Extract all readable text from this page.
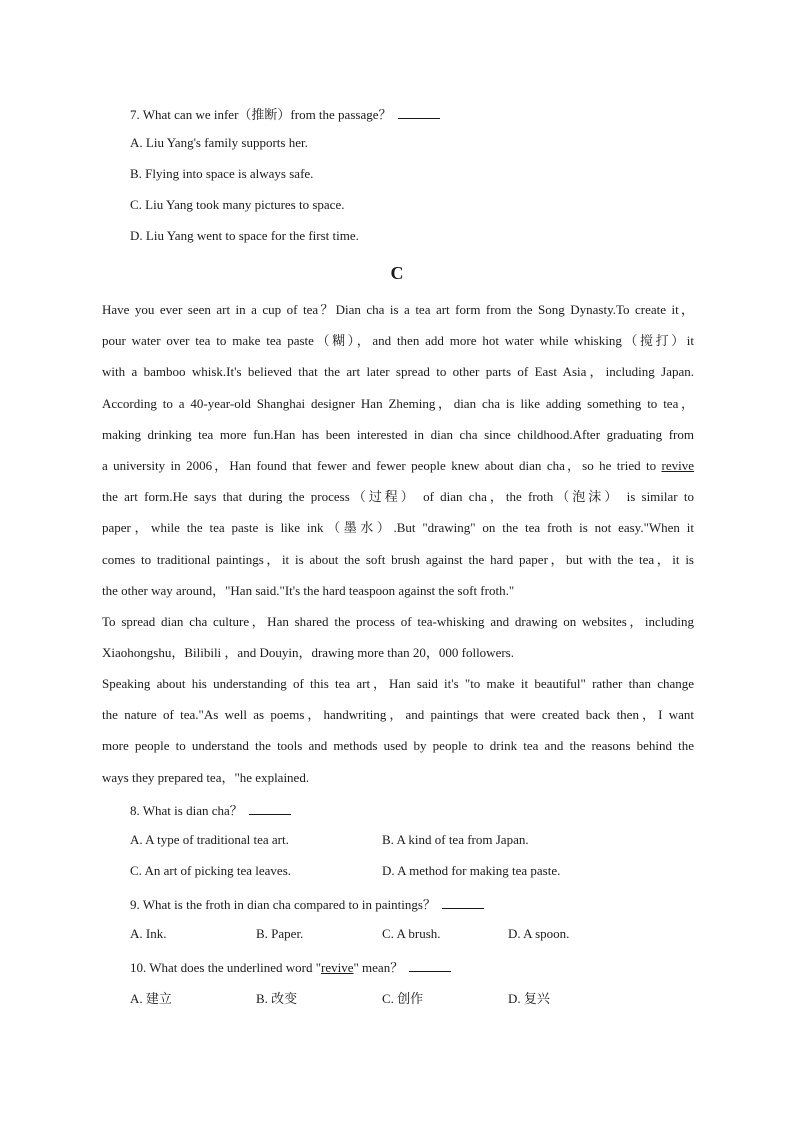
7. What can we infer（推断）from the passage？
A. Liu Yang's family supports her.
B. Flying into space is always safe.
C. Liu Yang took many pictures to space.
D. Liu Yang went to space for the first time.
C
Have you ever seen art in a cup of tea？Dian cha is a tea art form from the Song Dynasty.To create it，
pour water over tea to make tea paste（糊），and then add more hot water while whisking（搅打）it
with a bamboo whisk.It's believed that the art later spread to other parts of East Asia，including Japan.
According to a 40-year-old Shanghai designer Han Zheming，dian cha is like adding something to tea，
making drinking tea more fun.Han has been interested in dian cha since childhood.After graduating from
a university in 2006，Han found that fewer and fewer people knew about dian cha，so he tried to revive
the art form.He says that during the process（过程） of dian cha，the froth（泡沫） is similar to
paper，while the tea paste is like ink（墨水）.But "drawing" on the tea froth is not easy."When it
comes to traditional paintings，it is about the soft brush against the hard paper，but with the tea，it is
the other way around，"Han said."It's the hard teaspoon against the soft froth."
To spread dian cha culture，Han shared the process of tea-whisking and drawing on websites，including
Xiaohongshu，Bilibili ，and Douyin，drawing more than 20，000 followers.
Speaking about his understanding of this tea art，Han said it's "to make it beautiful" rather than change
the nature of tea."As well as poems，handwriting，and paintings that were created back then，I want
more people to understand the tools and methods used by people to drink tea and the reasons behind the
ways they prepared tea，"he explained.
8. What is dian cha？
A. A type of traditional tea art.	B. A kind of tea from Japan.
C. An art of picking tea leaves.	D. A method for making tea paste.
9. What is the froth in dian cha compared to in paintings？
A. Ink.	B. Paper.	C. A brush.	D. A spoon.
10. What does the underlined word "revive" mean？
A. 建立	B. 改变	C. 创作	D. 复兴
